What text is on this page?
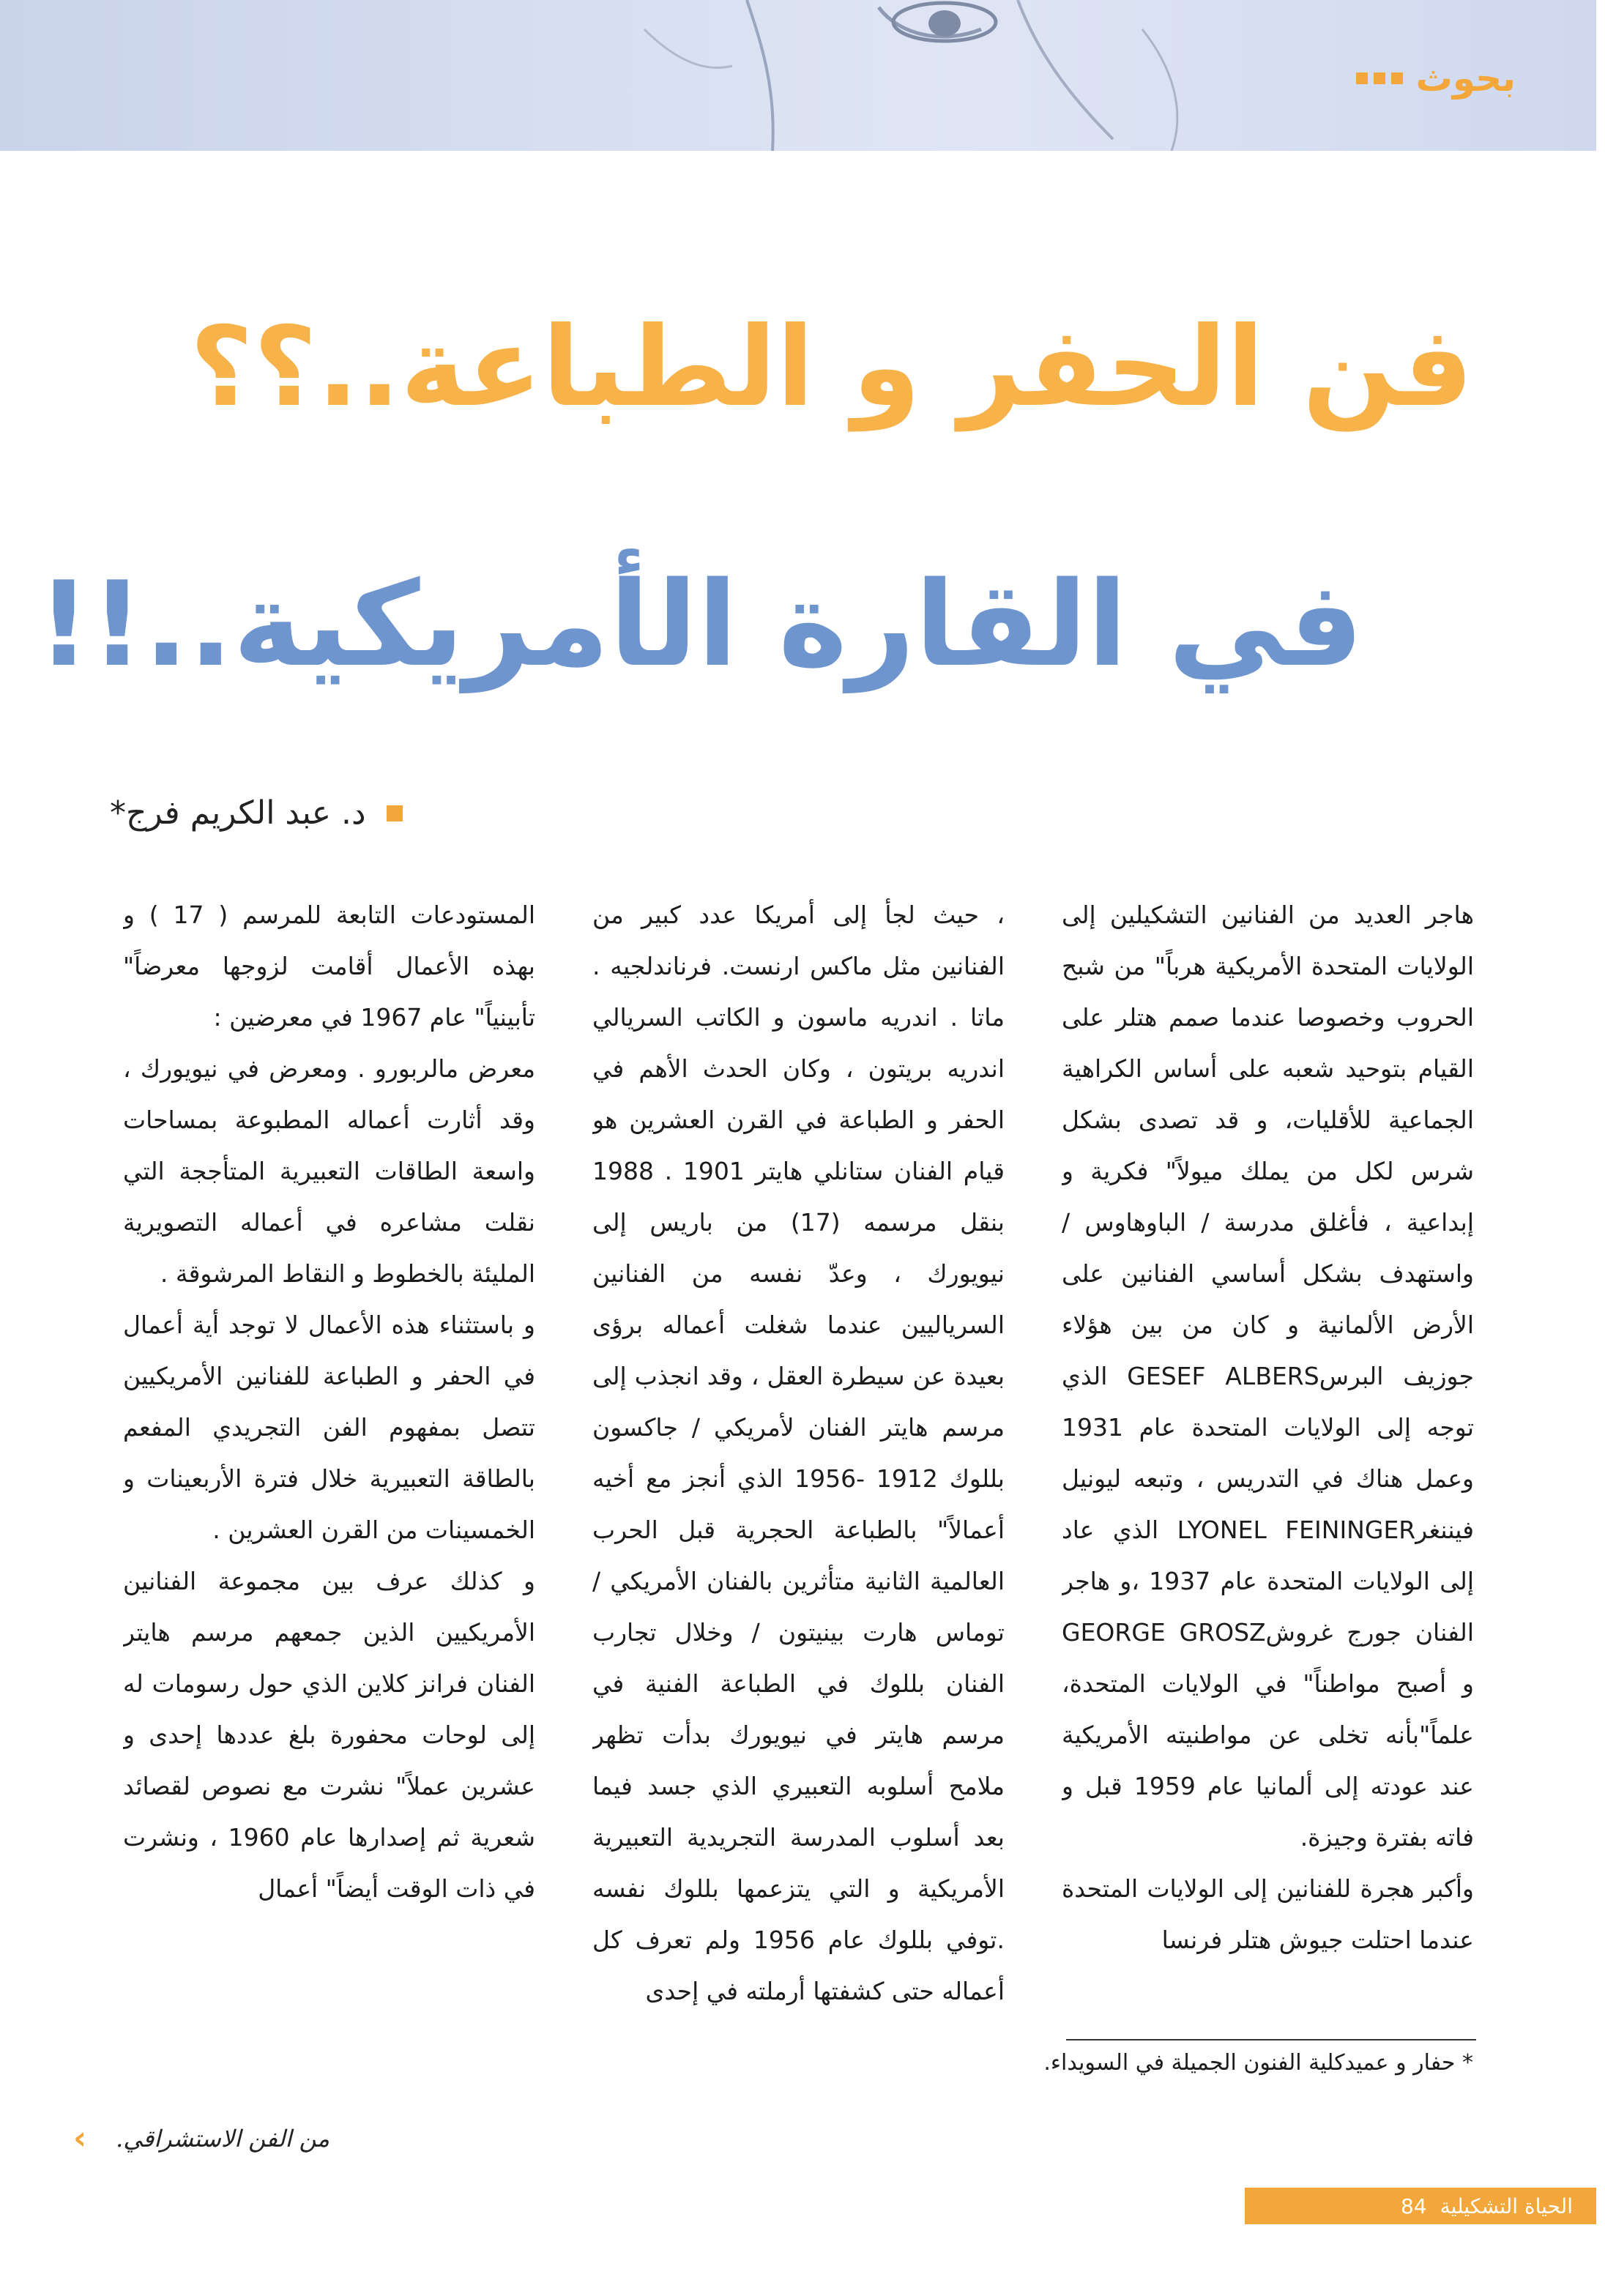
بحوث
فن الحفر و الطباعة..؟؟
في القارة الأمريكية..!!
د. عبد الكريم فرج*

هاجر العديد من الفنانين التشكيلين إلى الولايات المتحدة الأمريكية هرباً" من شبح الحروب وخصوصا عندما صمم هتلر على القيام بتوحيد شعبه على أساس الكراهية الجماعية للأقليات، و قد تصدى بشكل شرس لكل من يملك ميولاً" فكرية و إبداعية ، فأغلق مدرسة / الباوهاوس / واستهدف بشكل أساسي الفنانين على الأرض الألمانية و كان من بين هؤلاء جوزيف البرسGESEF ALBERS الذي توجه إلى الولايات المتحدة عام 1931 وعمل هناك في التدريس ، وتبعه ليونيل فيننغرLYONEL FEININGER الذي عاد إلى الولايات المتحدة عام 1937 ،و هاجر الفنان جورج غروشGEORGE GROSZ و أصبح مواطناً" في الولايات المتحدة، علماً"بأنه تخلى عن مواطنيته الأمريكية عند عودته إلى ألمانيا عام 1959 قبل و فاته بفترة وجيزة.

وأكبر هجرة للفنانين إلى الولايات المتحدة عندما احتلت جيوش هتلر فرنسا

، حيث لجأ إلى أمريكا عدد كبير من الفنانين مثل ماكس ارنست. فرناندلجيه . ماتا . اندريه ماسون و الكاتب السريالي اندريه بريتون ، وكان الحدث الأهم في الحفر و الطباعة في القرن العشرين هو قيام الفنان ستانلي هايتر 1901 . 1988 بنقل مرسمه (17) من باريس إلى نيويورك ، وعدّ نفسه من الفنانين السرياليين عندما شغلت أعماله برؤى بعيدة عن سيطرة العقل ، وقد انجذب إلى مرسم هايتر الفنان لأمريكي / جاكسون بللوك 1912 -1956 الذي أنجز مع أخيه أعمالاً" بالطباعة الحجرية قبل الحرب العالمية الثانية متأثرين بالفنان الأمريكي / توماس هارت بينيتون / وخلال تجارب الفنان بللوك في الطباعة الفنية في مرسم هايتر في نيويورك بدأت تظهر ملامح أسلوبه التعبيري الذي جسد فيما بعد أسلوب المدرسة التجريدية التعبيرية الأمريكية و التي يتزعمها بللوك نفسه .توفي بللوك عام 1956 ولم تعرف كل أعماله حتى كشفتها أرملته في إحدى

المستودعات التابعة للمرسم ( 17 ) و بهذه الأعمال أقامت لزوجها معرضاً" تأبينياً" عام 1967 في معرضين :

معرض مالربورو . ومعرض في نيويورك ، وقد أثارت أعماله المطبوعة بمساحات واسعة الطاقات التعبيرية المتأججة التي نقلت مشاعره في أعماله التصويرية المليئة بالخطوط و النقاط المرشوقة .

و باستثناء هذه الأعمال لا توجد أية أعمال في الحفر و الطباعة للفنانين الأمريكيين تتصل بمفهوم الفن التجريدي المفعم بالطاقة التعبيرية خلال فترة الأربعينات و الخمسينات من القرن العشرين .

و كذلك عرف بين مجموعة الفنانين الأمريكيين الذين جمعهم مرسم هايتر الفنان فرانز كلاين الذي حول رسومات له إلى لوحات محفورة بلغ عددها إحدى و عشرين عملاً" نشرت مع نصوص لقصائد شعرية ثم إصدارها عام 1960 ، ونشرت في ذات الوقت أيضاً" أعمال

* حفار و عميدكلية الفنون الجميلة في السويداء.
‹ من الفن الاستشراقي.
84 الحياة التشكيلية
